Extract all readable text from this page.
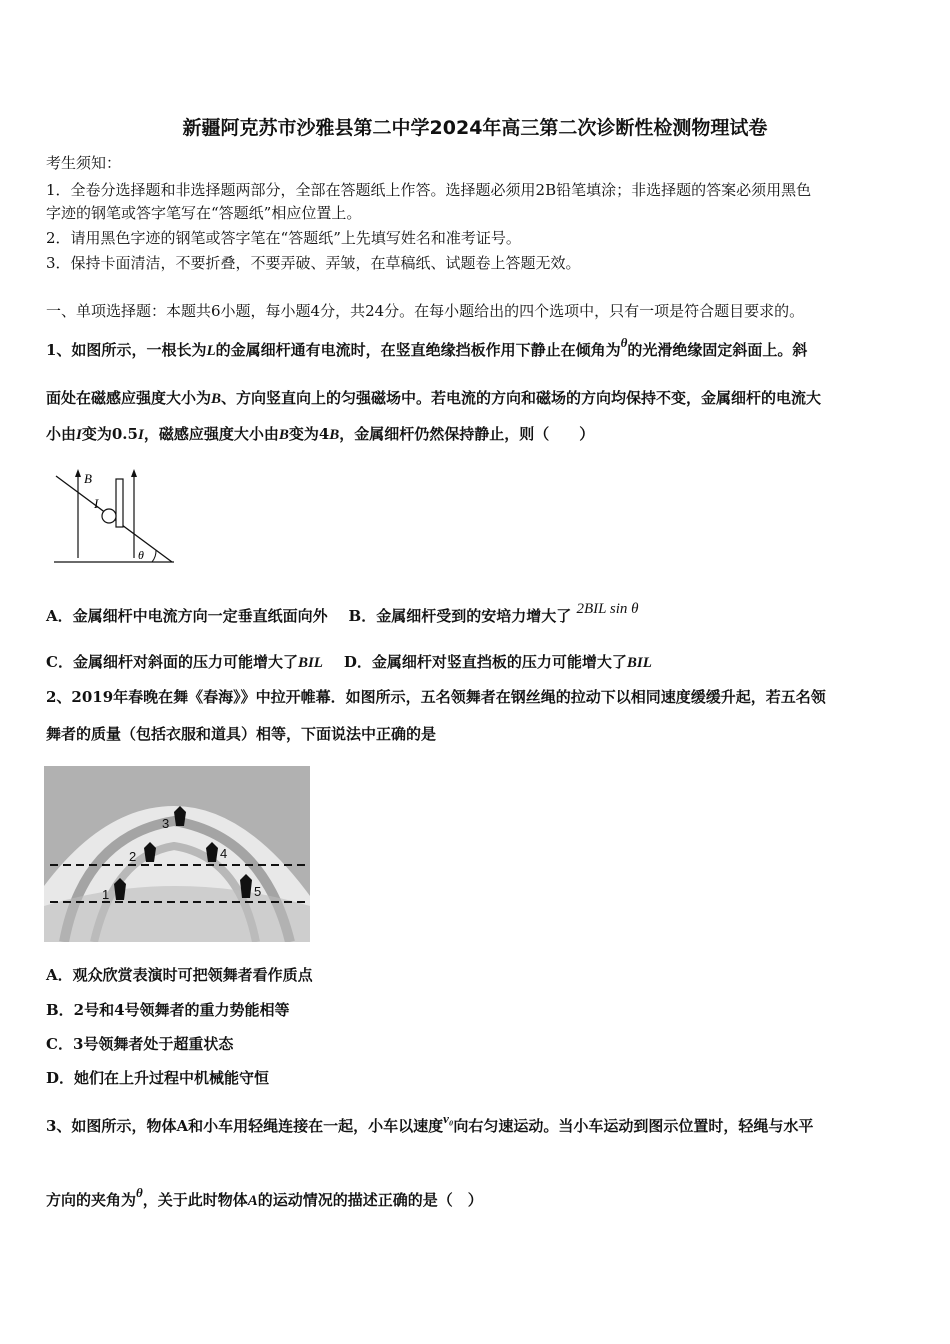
新疆阿克苏市沙雅县第二中学2024年高三第二次诊断性检测物理试卷
考生须知：
1．全卷分选择题和非选择题两部分，全部在答题纸上作答。选择题必须用2B铅笔填涂；非选择题的答案必须用黑色
字迹的钢笔或答字笔写在“答题纸”相应位置上。
2．请用黑色字迹的钢笔或答字笔在“答题纸”上先填写姓名和准考证号。
3．保持卡面清洁，不要折叠，不要弄破、弄皱，在草稿纸、试题卷上答题无效。
一、单项选择题：本题共6小题，每小题4分，共24分。在每小题给出的四个选项中，只有一项是符合题目要求的。
1、如图所示，一根长为L的金属细杆通有电流时，在竖直绝缘挡板作用下静止在倾角为θ的光滑绝缘固定斜面上。斜
面处在磁感应强度大小为B、方向竖直向上的匀强磁场中。若电流的方向和磁场的方向均保持不变，金属细杆的电流大
小由I变为0.5I，磁感应强度大小由B变为4B，金属细杆仍然保持静止，则（　　）
B
I
θ
A．金属细杆中电流方向一定垂直纸面向外 B．金属细杆受到的安培力增大了 2BIL sin θ
C．金属细杆对斜面的压力可能增大了BIL D．金属细杆对竖直挡板的压力可能增大了BIL
2、2019年春晚在舞《春海》》中拉开帷幕．如图所示，五名领舞者在钢丝绳的拉动下以相同速度缓缓升起，若五名领
舞者的质量（包括衣服和道具）相等，下面说法中正确的是
1
2
3
4
5
A．观众欣赏表演时可把领舞者看作质点
B．2号和4号领舞者的重力势能相等
C．3号领舞者处于超重状态
D．她们在上升过程中机械能守恒
3、如图所示，物体A和小车用轻绳连接在一起，小车以速度v₀向右匀速运动。当小车运动到图示位置时，轻绳与水平
方向的夹角为θ，关于此时物体A的运动情况的描述正确的是（　）
